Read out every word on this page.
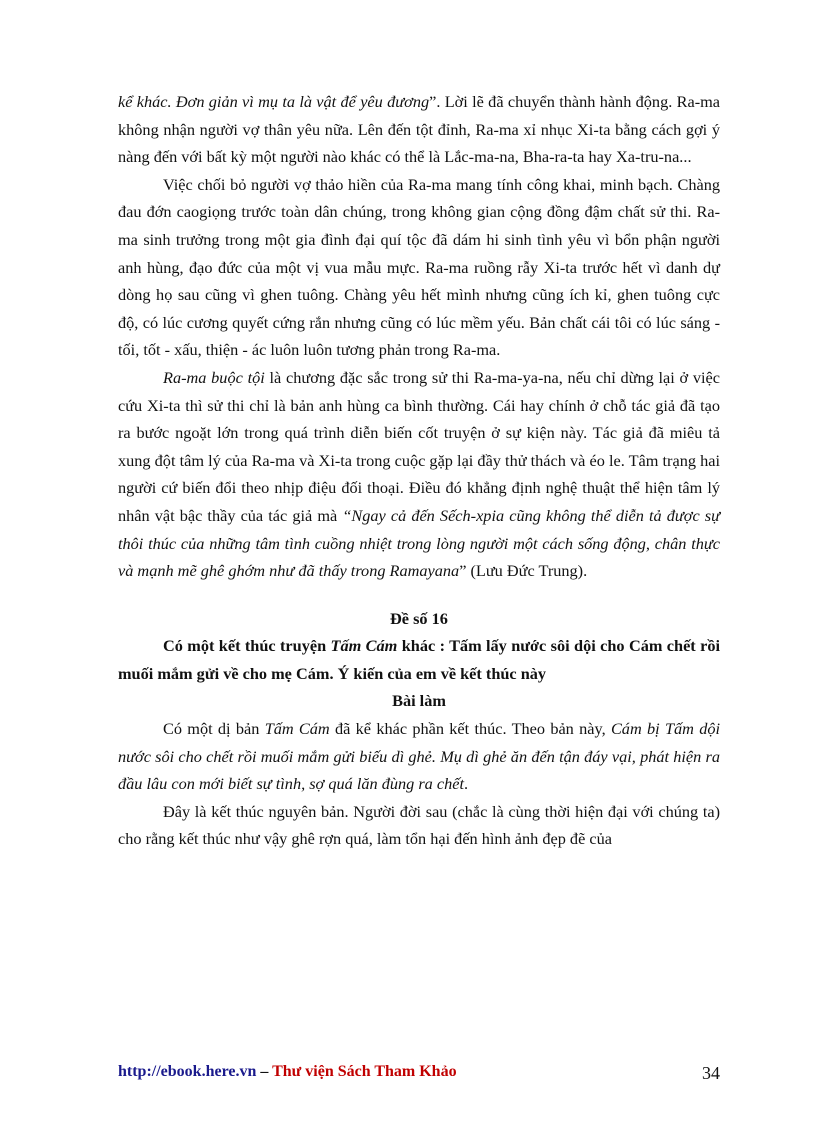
kể khác. Đơn giản vì mụ ta là vật để yêu đương”. Lời lẽ đã chuyển thành hành động. Ra-ma không nhận người vợ thân yêu nữa. Lên đến tột đỉnh, Ra-ma xỉ nhục Xi-ta bằng cách gợi ý nàng đến với bất kỳ một người nào khác có thể là Lắc-ma-na, Bha-ra-ta hay Xa-tru-na...

Việc chối bỏ người vợ thảo hiền của Ra-ma mang tính công khai, minh bạch. Chàng đau đớn caogiọng trước toàn dân chúng, trong không gian cộng đồng đậm chất sử thi. Ra-ma sinh trưởng trong một gia đình đại quí tộc đã dám hi sinh tình yêu vì bổn phận người anh hùng, đạo đức của một vị vua mẫu mực. Ra-ma ruồng rẫy Xi-ta trước hết vì danh dự dòng họ sau cũng vì ghen tuông. Chàng yêu hết mình nhưng cũng ích kỉ, ghen tuông cực độ, có lúc cương quyết cứng rắn nhưng cũng có lúc mềm yếu. Bản chất cái tôi có lúc sáng - tối, tốt - xấu, thiện - ác luôn luôn tương phản trong Ra-ma.

Ra-ma buộc tội là chương đặc sắc trong sử thi Ra-ma-ya-na, nếu chỉ dừng lại ở việc cứu Xi-ta thì sử thi chỉ là bản anh hùng ca bình thường. Cái hay chính ở chỗ tác giả đã tạo ra bước ngoặt lớn trong quá trình diễn biến cốt truyện ở sự kiện này. Tác giả đã miêu tả xung đột tâm lý của Ra-ma và Xi-ta trong cuộc gặp lại đầy thử thách và éo le. Tâm trạng hai người cứ biến đổi theo nhịp điệu đối thoại. Điều đó khẳng định nghệ thuật thể hiện tâm lý nhân vật bậc thầy của tác giả mà “Ngay cả đến Sếch-xpia cũng không thể diễn tả được sự thôi thúc của những tâm tình cuồng nhiệt trong lòng người một cách sống động, chân thực và mạnh mẽ ghê ghớm như đã thấy trong Ramayana” (Lưu Đức Trung).

Đề số 16

Có một kết thúc truyện Tấm Cám khác : Tấm lấy nước sôi dội cho Cám chết rồi muối mắm gửi về cho mẹ Cám. Ý kiến của em về kết thúc này

Bài làm

Có một dị bản Tấm Cám đã kể khác phần kết thúc. Theo bản này, Cám bị Tấm dội nước sôi cho chết rồi muối mắm gửi biếu dì ghẻ. Mụ dì ghẻ ăn đến tận đáy vại, phát hiện ra đầu lâu con mới biết sự tình, sợ quá lăn đùng ra chết.

Đây là kết thúc nguyên bản. Người đời sau (chắc là cùng thời hiện đại với chúng ta) cho rằng kết thúc như vậy ghê rợn quá, làm tổn hại đến hình ảnh đẹp đẽ của

http://ebook.here.vn – Thư viện Sách Tham Khảo	34
